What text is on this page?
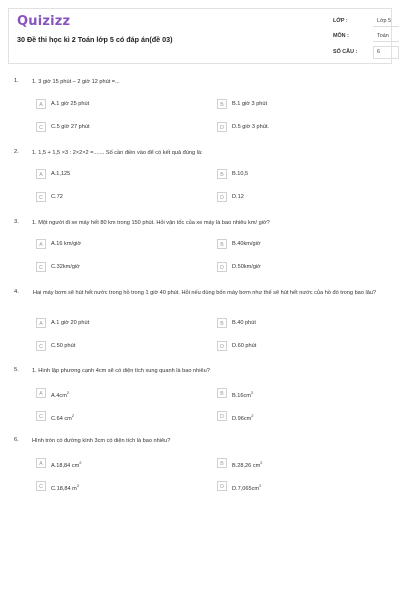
Quizizz
30 Đề thi học kì 2 Toán lớp 5 có đáp án(đề 03)
LỚP :	Lớp 5
MÔN :	Toán
SỐ CÂU :	6
1. 1. 3 giờ 15 phút – 2 giờ 12 phút =...
A	A.1 giờ 25 phút	B	B.1 giờ 3 phút
C	C.5 giờ 27 phút	D	D.5 giờ 3 phút.
2. 1. 1,5 + 1,5 ×3 : 2×2×2 =....... Số cần điền vào để có kết quả đúng là:
A	A.1,125	B	B.10,5
C	C.72	D	D.12
3. 1. Một người đi xe máy hết 80 km trong 150 phút. Hỏi vận tốc của xe máy là bao nhiêu km/ giờ?
A	A.16 km/giờ	B	B.40km/giờ
C	C.32km/giờ	D	D.50km/giờ
4.	Hai máy bơm sẽ hút hết nước trong hồ trong 1 giờ 40 phút. Hỏi nếu dùng bốn máy bơm như thế sẽ hút hết nước của hồ đó trong bao lâu?
A	A.1 giờ 20 phút	B	B.40 phút
C	C.50 phút	D	D.60 phút
5. 1. Hình lập phương cạnh 4cm sẽ có diện tích xung quanh là bao nhiêu?
A	$A.4cm^2$	B	$B.16cm^2$
C	C.64 $cm^2$	D	$D.96cm^2$
6. Hình tròn có đường kính 3cm có diện tích là bao nhiêu?
A	A.18,84 $cm^2$	B	B.28,26 $cm^2$
C	C.18,84 $m^2$	D	$D.7,065cm^2$
